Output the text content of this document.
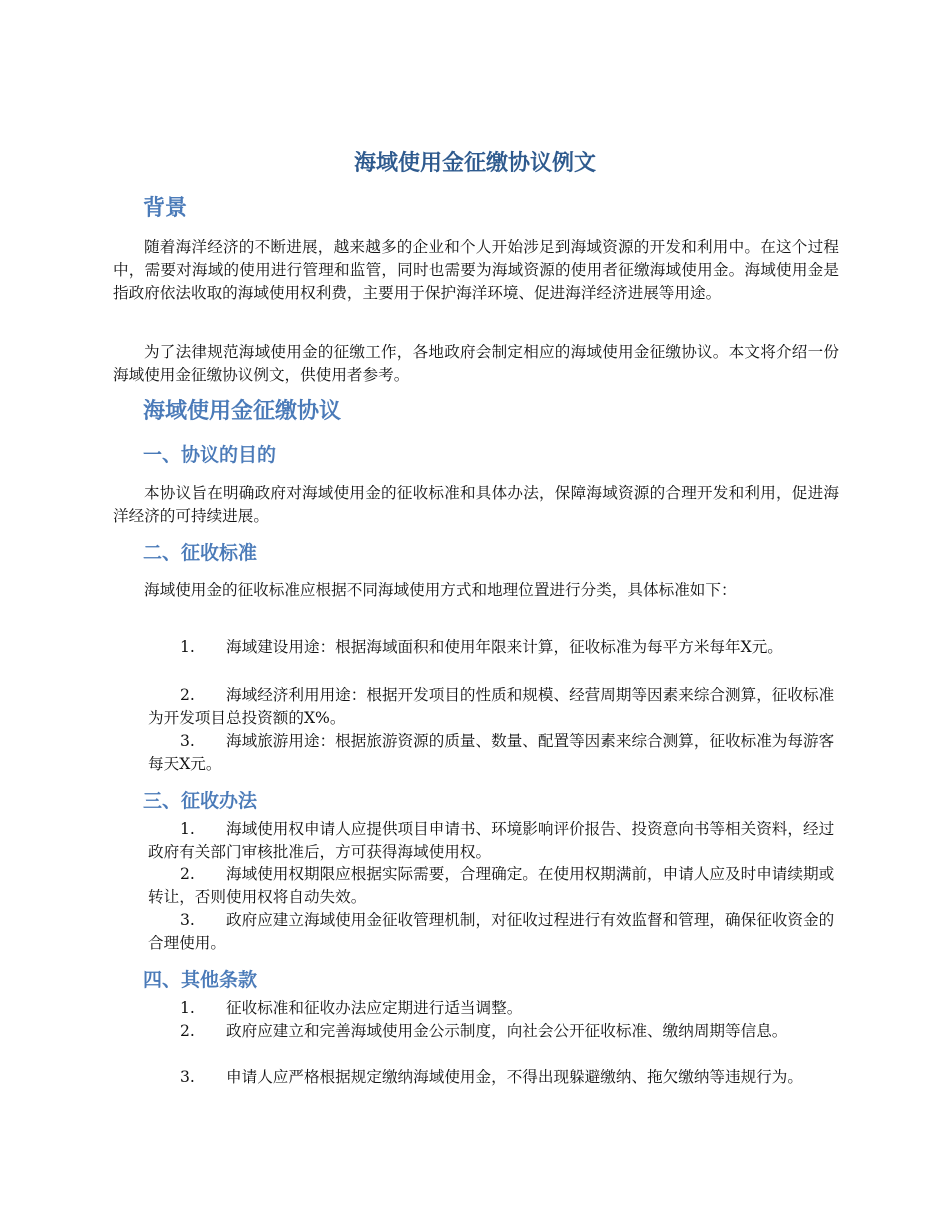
海域使用金征缴协议例文
背景
随着海洋经济的不断进展，越来越多的企业和个人开始涉足到海域资源的开发和利用中。在这个过程中，需要对海域的使用进行管理和监管，同时也需要为海域资源的使用者征缴海域使用金。海域使用金是指政府依法收取的海域使用权利费，主要用于保护海洋环境、促进海洋经济进展等用途。
为了法律规范海域使用金的征缴工作，各地政府会制定相应的海域使用金征缴协议。本文将介绍一份海域使用金征缴协议例文，供使用者参考。
海域使用金征缴协议
一、协议的目的
本协议旨在明确政府对海域使用金的征收标准和具体办法，保障海域资源的合理开发和利用，促进海洋经济的可持续进展。
二、征收标准
海域使用金的征收标准应根据不同海域使用方式和地理位置进行分类，具体标准如下：
1. 海域建设用途：根据海域面积和使用年限来计算，征收标准为每平方米每年X元。
2. 海域经济利用用途：根据开发项目的性质和规模、经营周期等因素来综合测算，征收标准为开发项目总投资额的X%。
3. 海域旅游用途：根据旅游资源的质量、数量、配置等因素来综合测算，征收标准为每游客每天X元。
三、征收办法
1. 海域使用权申请人应提供项目申请书、环境影响评价报告、投资意向书等相关资料，经过政府有关部门审核批准后，方可获得海域使用权。
2. 海域使用权期限应根据实际需要，合理确定。在使用权期满前，申请人应及时申请续期或转让，否则使用权将自动失效。
3. 政府应建立海域使用金征收管理机制，对征收过程进行有效监督和管理，确保征收资金的合理使用。
四、其他条款
1. 征收标准和征收办法应定期进行适当调整。
2. 政府应建立和完善海域使用金公示制度，向社会公开征收标准、缴纳周期等信息。
3. 申请人应严格根据规定缴纳海域使用金，不得出现躲避缴纳、拖欠缴纳等违规行为。
